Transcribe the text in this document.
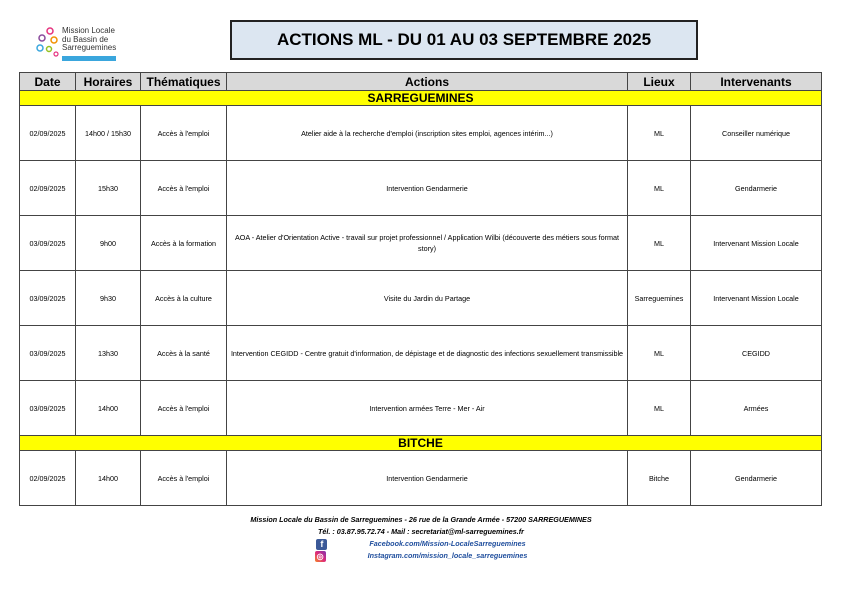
Mission Locale
du Bassin de
Sarreguemines	ACTIONS ML - DU 01 AU 03 SEPTEMBRE 2025
Date	Horaires	Thématiques	Actions	Lieux	Intervenants
SARREGUEMINES					
02/09/2025	14h00 / 15h30	Accès à l'emploi	Atelier aide à la recherche d'emploi (inscription sites emploi, agences intérim...)	ML	Conseiller numérique
02/09/2025	15h30	Accès à l'emploi	Intervention Gendarmerie	ML	Gendarmerie
03/09/2025	9h00	Accès à la formation	AOA - Atelier d'Orientation Active - travail sur projet professionnel / Application Wilbi (découverte des métiers sous format story)	ML	Intervenant Mission Locale
03/09/2025	9h30	Accès à la culture	Visite du Jardin du Partage	Sarreguemines	Intervenant Mission Locale
03/09/2025	13h30	Accès à la santé	Intervention CEGIDD - Centre gratuit d'information, de dépistage et de diagnostic des infections sexuellement transmissible	ML	CEGIDD
03/09/2025	14h00	Accès à l'emploi	Intervention armées Terre - Mer - Air	ML	Armées
BITCHE					
02/09/2025	14h00	Accès à l'emploi	Intervention Gendarmerie	Bitche	Gendarmerie
Mission Locale du Bassin de Sarreguemines - 26 rue de la Grande Armée - 57200 SARREGUEMINES
Tél. : 03.87.95.72.74 - Mail : secretariat@ml-sarreguemines.fr
f	Facebook.com/Mission-LocaleSarreguemines
◎	Instagram.com/mission_locale_sarreguemines
